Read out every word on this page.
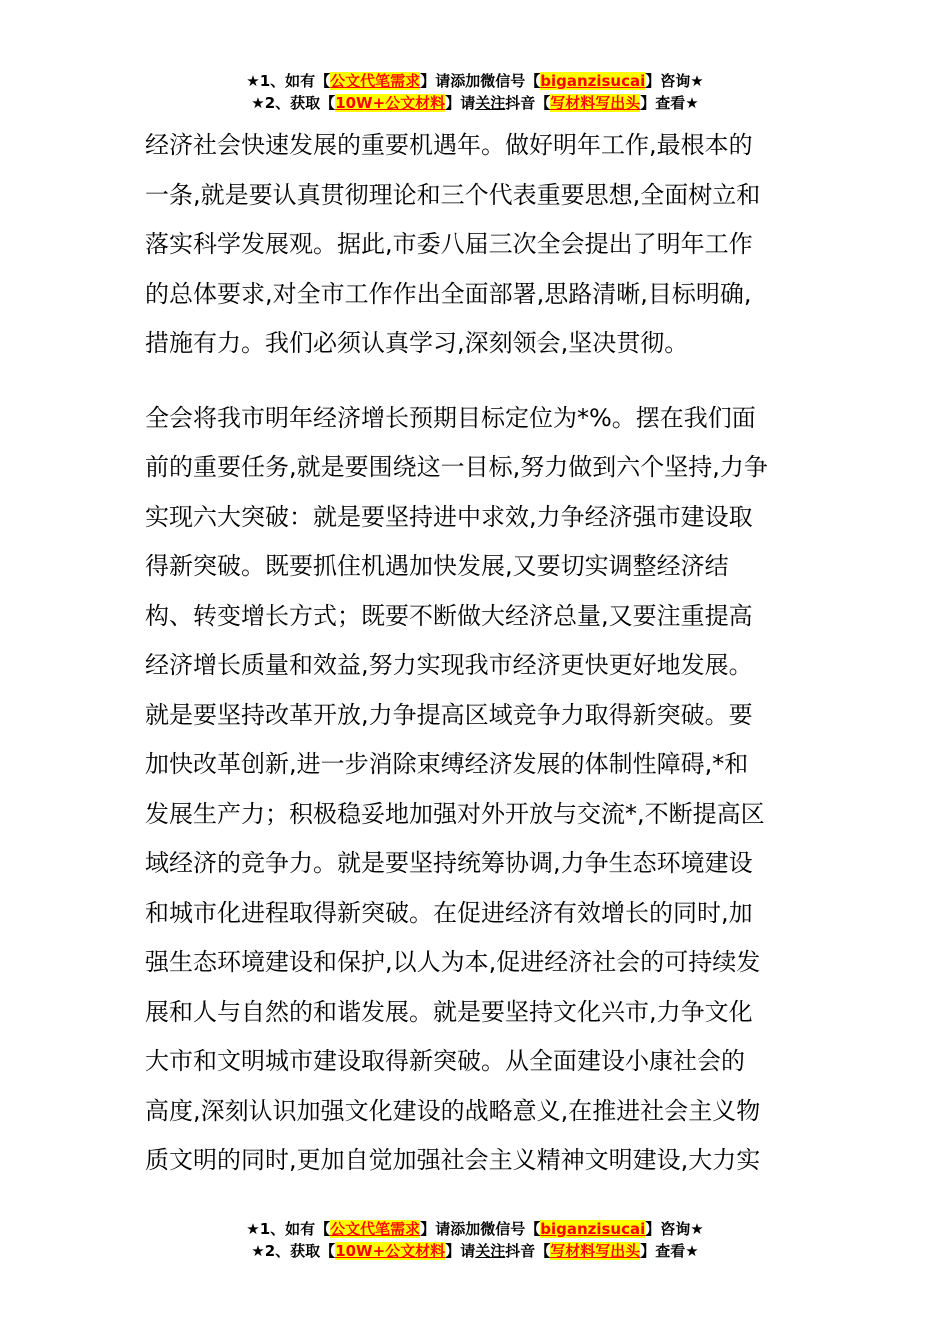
★1、如有【公文代笔需求】请添加微信号【biganzisucai】咨询★
★2、获取【10W+公文材料】请关注抖音【写材料写出头】查看★
经济社会快速发展的重要机遇年。做好明年工作,最根本的
一条,就是要认真贯彻理论和三个代表重要思想,全面树立和
落实科学发展观。据此,市委八届三次全会提出了明年工作
的总体要求,对全市工作作出全面部署,思路清晰,目标明确,
措施有力。我们必须认真学习,深刻领会,坚决贯彻。
全会将我市明年经济增长预期目标定位为*%。摆在我们面
前的重要任务,就是要围绕这一目标,努力做到六个坚持,力争
实现六大突破：就是要坚持进中求效,力争经济强市建设取
得新突破。既要抓住机遇加快发展,又要切实调整经济结
构、转变增长方式；既要不断做大经济总量,又要注重提高
经济增长质量和效益,努力实现我市经济更快更好地发展。
就是要坚持改革开放,力争提高区域竞争力取得新突破。要
加快改革创新,进一步消除束缚经济发展的体制性障碍,*和
发展生产力；积极稳妥地加强对外开放与交流*,不断提高区
域经济的竞争力。就是要坚持统筹协调,力争生态环境建设
和城市化进程取得新突破。在促进经济有效增长的同时,加
强生态环境建设和保护,以人为本,促进经济社会的可持续发
展和人与自然的和谐发展。就是要坚持文化兴市,力争文化
大市和文明城市建设取得新突破。从全面建设小康社会的
高度,深刻认识加强文化建设的战略意义,在推进社会主义物
质文明的同时,更加自觉加强社会主义精神文明建设,大力实
★1、如有【公文代笔需求】请添加微信号【biganzisucai】咨询★
★2、获取【10W+公文材料】请关注抖音【写材料写出头】查看★
